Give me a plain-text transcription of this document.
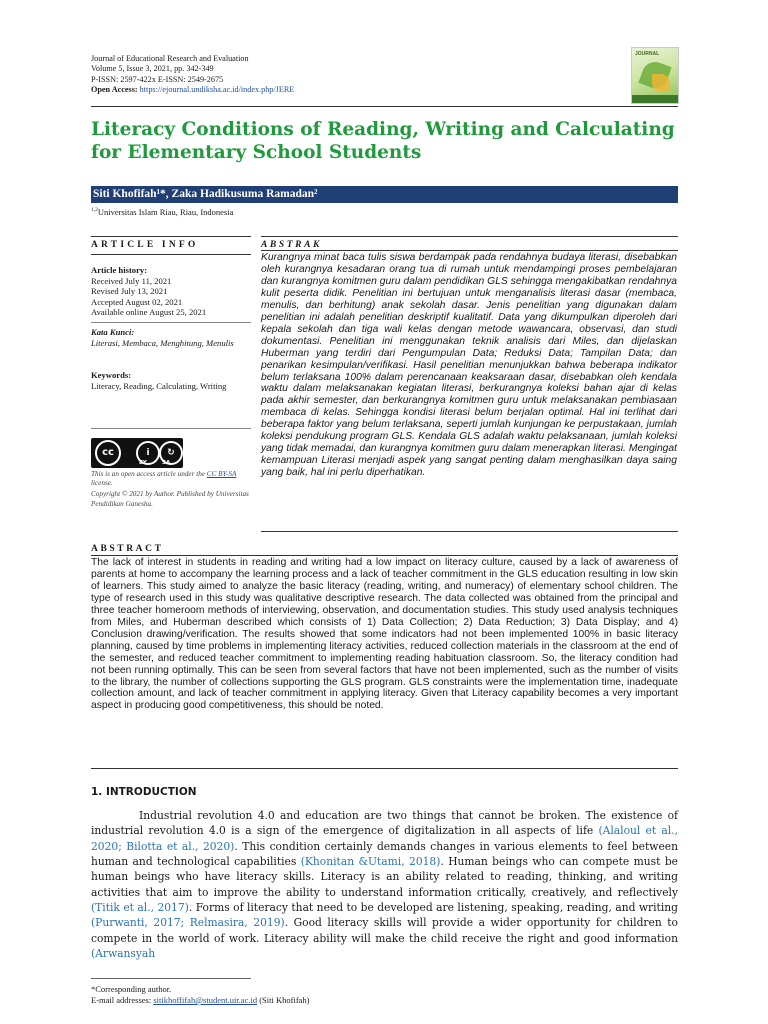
Journal of Educational Research and Evaluation
Volume 5, Issue 3, 2021, pp. 342-349
P-ISSN: 2597-422x E-ISSN: 2549-2675
Open Access: https://ejournal.undiksha.ac.id/index.php/JERE
JOURNAL
Literacy Conditions of Reading, Writing and Calculating for Elementary School Students
Siti Khofifah¹*, Zaka Hadikusuma Ramadan²
$^{1,2}$Universitas Islam Riau, Riau, Indonesia
ARTICLE INFO
Article history:
Received July 11, 2021
Revised July 13, 2021
Accepted August 02, 2021
Available online August 25, 2021
Kata Kunci:
Literasi, Membaca, Menghitung, Menulis
Keywords:
Literacy, Reading, Calculating, Writing
cc	i	↻
BY	SA
This is an open access article under the CC BY-SA license.
Copyright © 2021 by Author. Published by Universitas Pendidikan Ganesha.
ABSTRAK
Kurangnya minat baca tulis siswa berdampak pada rendahnya budaya literasi, disebabkan oleh kurangnya kesadaran orang tua di rumah untuk mendampingi proses pembelajaran dan kurangnya komitmen guru dalam pendidikan GLS sehingga mengakibatkan rendahnya kulit peserta didik. Penelitian ini bertujuan untuk menganalisis literasi dasar (membaca, menulis, dan berhitung) anak sekolah dasar. Jenis penelitian yang digunakan dalam penelitian ini adalah penelitian deskriptif kualitatif. Data yang dikumpulkan diperoleh dari kepala sekolah dan tiga wali kelas dengan metode wawancara, observasi, dan studi dokumentasi. Penelitian ini menggunakan teknik analisis dari Miles, dan dijelaskan Huberman yang terdiri dari Pengumpulan Data; Reduksi Data; Tampilan Data; dan penarikan kesimpulan/verifikasi. Hasil penelitian menunjukkan bahwa beberapa indikator belum terlaksana 100% dalam perencanaan keaksaraan dasar, disebabkan oleh kendala waktu dalam melaksanakan kegiatan literasi, berkurangnya koleksi bahan ajar di kelas pada akhir semester, dan berkurangnya komitmen guru untuk melaksanakan pembiasaan membaca di kelas. Sehingga kondisi literasi belum berjalan optimal. Hal ini terlihat dari beberapa faktor yang belum terlaksana, seperti jumlah kunjungan ke perpustakaan, jumlah koleksi pendukung program GLS. Kendala GLS adalah waktu pelaksanaan, jumlah koleksi yang tidak memadai, dan kurangnya komitmen guru dalam menerapkan literasi. Mengingat kemampuan Literasi menjadi aspek yang sangat penting dalam menghasilkan daya saing yang baik, hal ini perlu diperhatikan.
ABSTRACT
The lack of interest in students in reading and writing had a low impact on literacy culture, caused by a lack of awareness of parents at home to accompany the learning process and a lack of teacher commitment in the GLS education resulting in low skin of learners. This study aimed to analyze the basic literacy (reading, writing, and numeracy) of elementary school children. The type of research used in this study was qualitative descriptive research. The data collected was obtained from the principal and three teacher homeroom methods of interviewing, observation, and documentation studies. This study used analysis techniques from Miles, and Huberman described which consists of 1) Data Collection; 2) Data Reduction; 3) Data Display; and 4) Conclusion drawing/verification. The results showed that some indicators had not been implemented 100% in basic literacy planning, caused by time problems in implementing literacy activities, reduced collection materials in the classroom at the end of the semester, and reduced teacher commitment to implementing reading habituation classroom. So, the literacy condition had not been running optimally. This can be seen from several factors that have not been implemented, such as the number of visits to the library, the number of collections supporting the GLS program. GLS constraints were the implementation time, inadequate collection amount, and lack of teacher commitment in applying literacy. Given that Literacy capability becomes a very important aspect in producing good competitiveness, this should be noted.
1. INTRODUCTION
Industrial revolution 4.0 and education are two things that cannot be broken. The existence of industrial revolution 4.0 is a sign of the emergence of digitalization in all aspects of life (Alaloul et al., 2020; Bilotta et al., 2020). This condition certainly demands changes in various elements to feel between human and technological capabilities (Khonitan &Utami, 2018). Human beings who can compete must be human beings who have literacy skills. Literacy is an ability related to reading, thinking, and writing activities that aim to improve the ability to understand information critically, creatively, and reflectively (Titik et al., 2017). Forms of literacy that need to be developed are listening, speaking, reading, and writing (Purwanti, 2017; Relmasira, 2019). Good literacy skills will provide a wider opportunity for children to compete in the world of work. Literacy ability will make the child receive the right and good information (Arwansyah
*Corresponding author.
E-mail addresses: sitikhoffifah@student.uir.ac.id (Siti Khofifah)
